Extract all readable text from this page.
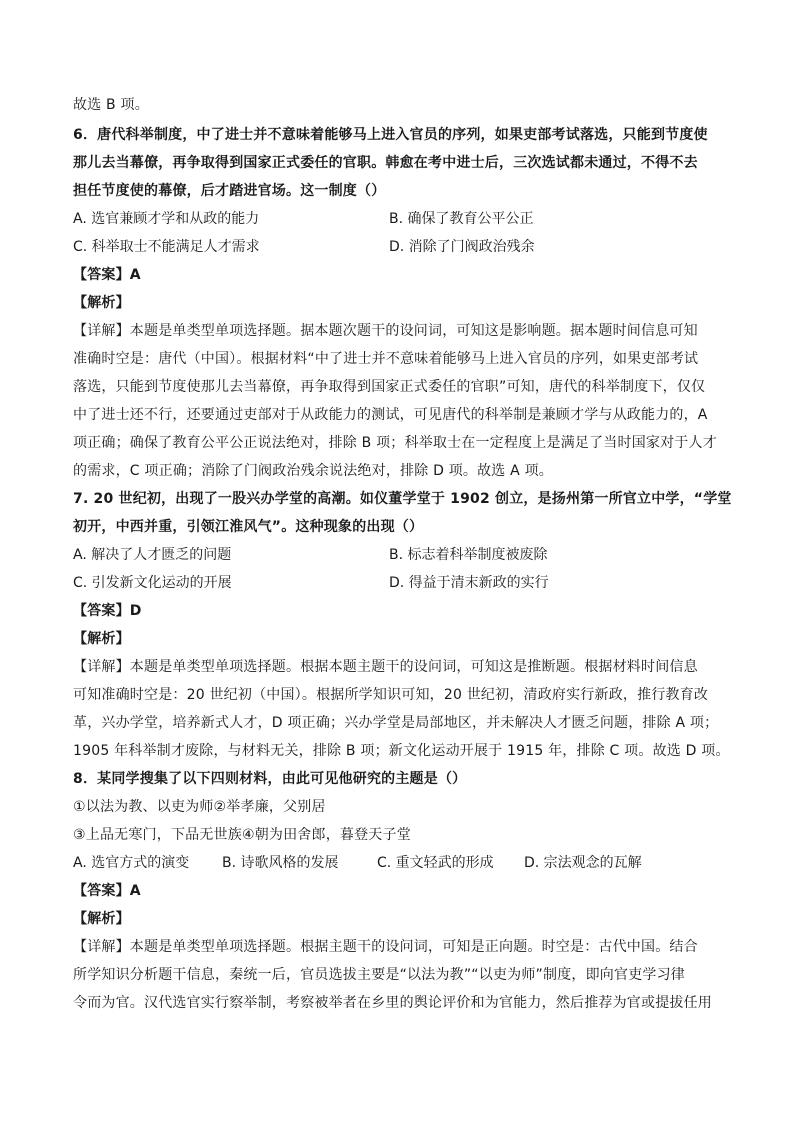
故选 B 项。
6．唐代科举制度，中了进士并不意味着能够马上进入官员的序列，如果吏部考试落选，只能到节度使
那儿去当幕僚，再争取得到国家正式委任的官职。韩愈在考中进士后，三次选试都未通过，不得不去
担任节度使的幕僚，后才踏进官场。这一制度（）
A. 选官兼顾才学和从政的能力	B. 确保了教育公平公正
C. 科举取士不能满足人才需求	D. 消除了门阀政治残余
【答案】A
【解析】
【详解】本题是单类型单项选择题。据本题次题干的设问词，可知这是影响题。据本题时间信息可知
准确时空是：唐代（中国）。根据材料“中了进士并不意味着能够马上进入官员的序列，如果吏部考试
落选，只能到节度使那儿去当幕僚，再争取得到国家正式委任的官职”可知，唐代的科举制度下，仅仅
中了进士还不行，还要通过吏部对于从政能力的测试，可见唐代的科举制是兼顾才学与从政能力的，A
项正确；确保了教育公平公正说法绝对，排除 B 项；科举取士在一定程度上是满足了当时国家对于人才
的需求，C 项正确；消除了门阀政治残余说法绝对，排除 D 项。故选 A 项。
7. 20 世纪初，出现了一股兴办学堂的高潮。如仪董学堂于 1902 创立，是扬州第一所官立中学，“学堂
初开，中西并重，引领江淮风气”。这种现象的出现（）
A. 解决了人才匮乏的问题	B. 标志着科举制度被废除
C. 引发新文化运动的开展	D. 得益于清末新政的实行
【答案】D
【解析】
【详解】本题是单类型单项选择题。根据本题主题干的设问词，可知这是推断题。根据材料时间信息
可知准确时空是：20 世纪初（中国）。根据所学知识可知，20 世纪初，清政府实行新政，推行教育改
革，兴办学堂，培养新式人才，D 项正确；兴办学堂是局部地区，并未解决人才匮乏问题，排除 A 项；
1905 年科举制才废除，与材料无关，排除 B 项；新文化运动开展于 1915 年，排除 C 项。故选 D 项。
8．某同学搜集了以下四则材料，由此可见他研究的主题是（）
①以法为教、以吏为师②举孝廉，父别居
③上品无寒门，下品无世族④朝为田舍郎，暮登天子堂
A. 选官方式的演变 B. 诗歌风格的发展	C. 重文轻武的形成 D. 宗法观念的瓦解
【答案】A
【解析】
【详解】本题是单类型单项选择题。根据主题干的设问词，可知是正向题。时空是：古代中国。结合
所学知识分析题干信息，秦统一后，官员选拔主要是“以法为教”“以吏为师”制度，即向官吏学习律
令而为官。汉代选官实行察举制，考察被举者在乡里的舆论评价和为官能力，然后推荐为官或提拔任用
